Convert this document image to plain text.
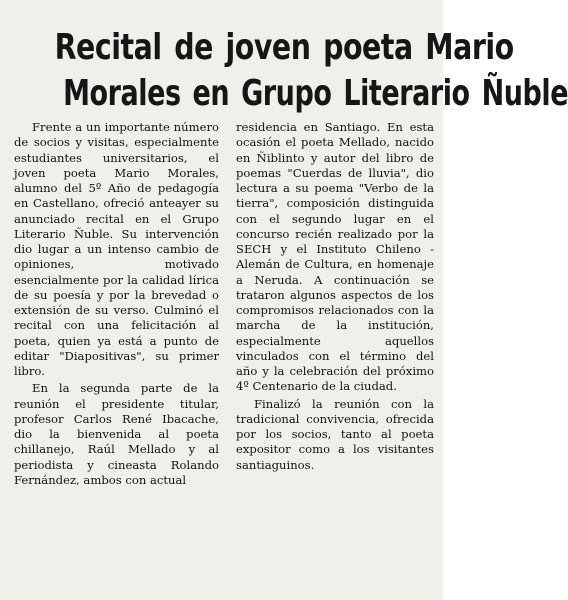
Recital de joven poeta Mario
Morales en Grupo Literario Ñuble

Frente a un importante número de socios y visitas, especialmente estudiantes universitarios, el joven poeta Mario Morales, alumno del 5º Año de pedagogía en Castellano, ofreció anteayer su anunciado recital en el Grupo Literario Ñuble. Su intervención dio lugar a un intenso cambio de opiniones, motivado esencialmente por la calidad lírica de su poesía y por la brevedad o extensión de su verso. Culminó el recital con una felicitación al poeta, quien ya está a punto de editar "Diapositivas", su primer libro.

En la segunda parte de la reunión el presidente titular, profesor Carlos René Ibacache, dio la bienvenida al poeta chillanejo, Raúl Mellado y al periodista y cineasta Rolando Fernández, ambos con actual

residencia en Santiago. En esta ocasión el poeta Mellado, nacido en Ñiblinto y autor del libro de poemas "Cuerdas de lluvia", dio lectura a su poema "Verbo de la tierra", composición distinguida con el segundo lugar en el concurso recién realizado por la SECH y el Instituto Chileno - Alemán de Cultura, en homenaje a Neruda. A continuación se trataron algunos aspectos de los compromisos relacionados con la marcha de la institución, especialmente aquellos vinculados con el término del año y la celebración del próximo 4º Centenario de la ciudad.

Finalizó la reunión con la tradicional convivencia, ofrecida por los socios, tanto al poeta expositor como a los visitantes santiaguinos.
